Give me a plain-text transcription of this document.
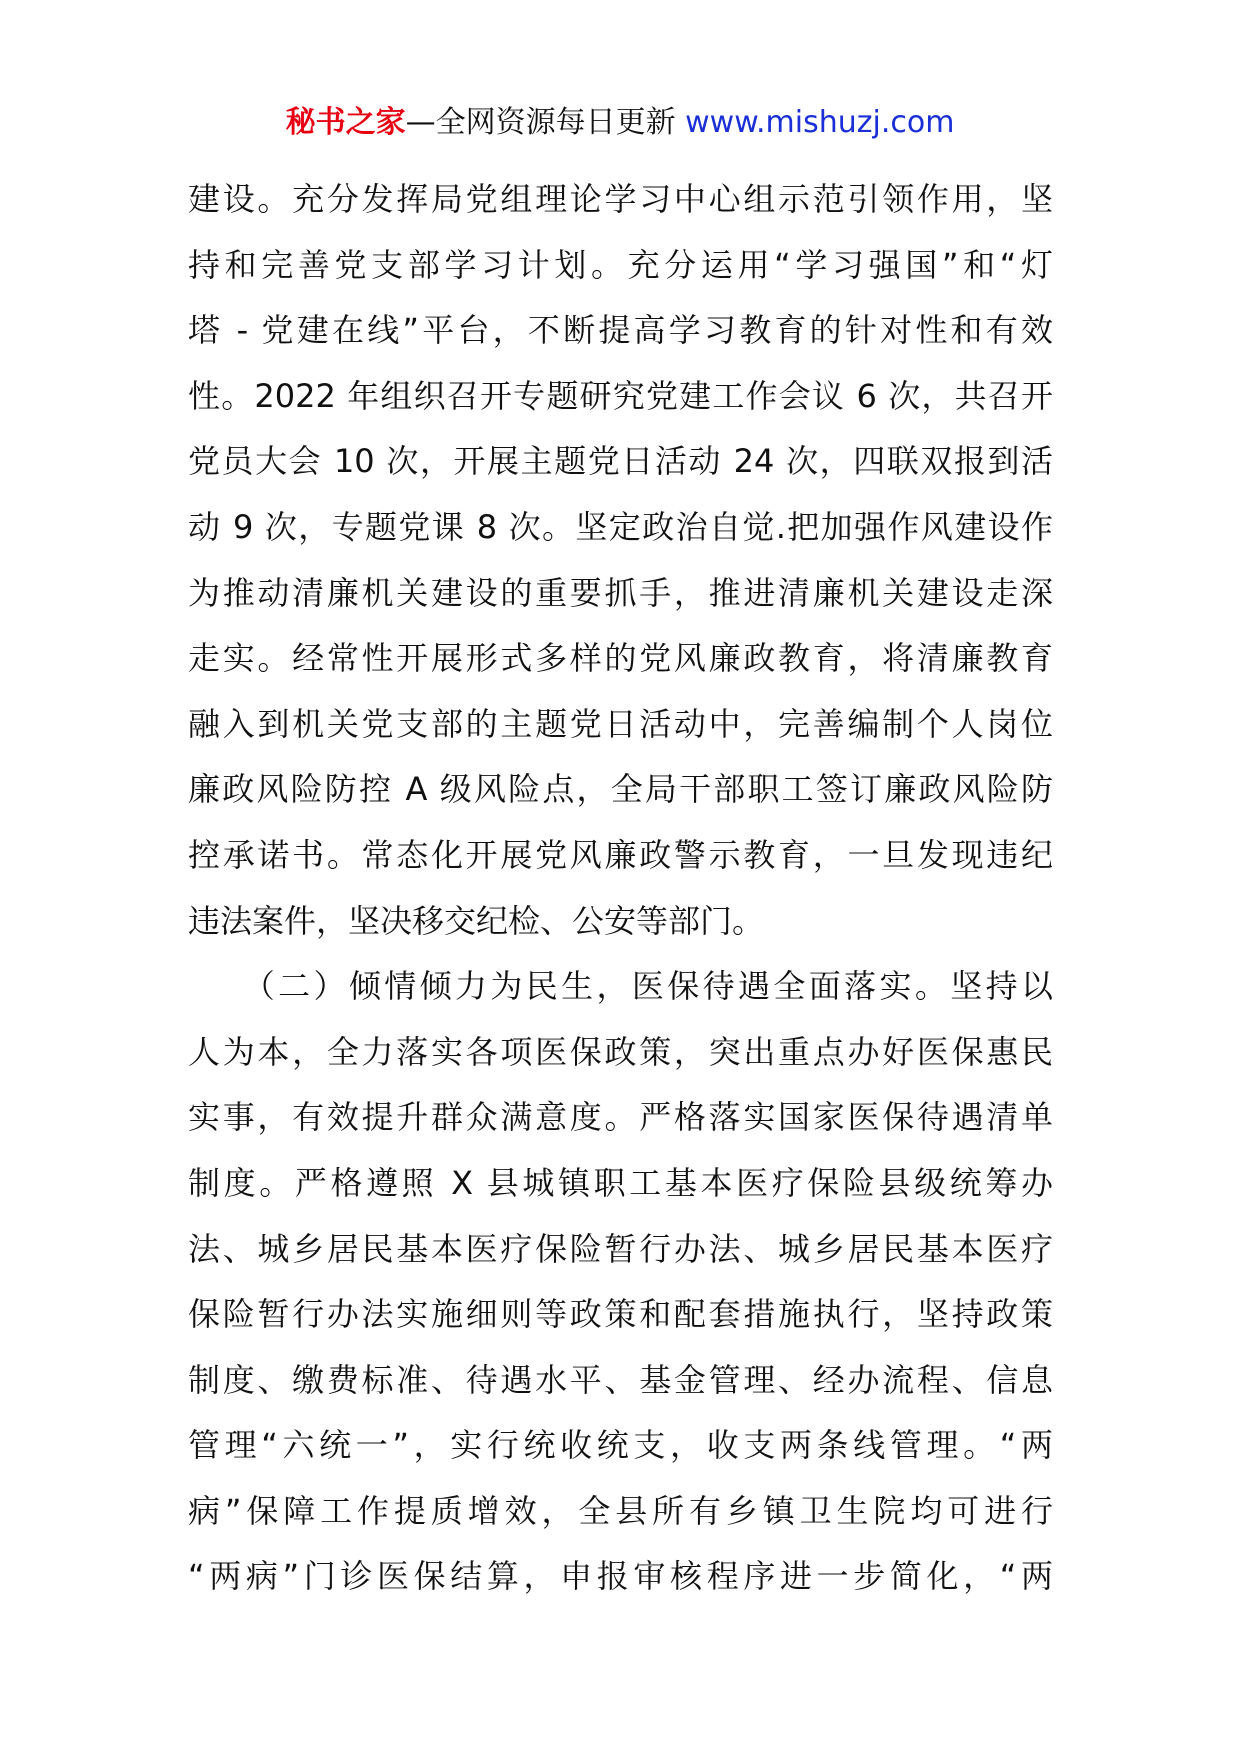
秘书之家—全网资源每日更新 www.mishuzj.com
建设。充分发挥局党组理论学习中心组示范引领作用，坚
持和完善党支部学习计划。充分运用“学习强国”和“灯
塔 - 党建在线”平台，不断提高学习教育的针对性和有效
性。2022 年组织召开专题研究党建工作会议 6 次，共召开
党员大会 10 次，开展主题党日活动 24 次，四联双报到活
动 9 次，专题党课 8 次。坚定政治自觉.把加强作风建设作
为推动清廉机关建设的重要抓手，推进清廉机关建设走深
走实。经常性开展形式多样的党风廉政教育，将清廉教育
融入到机关党支部的主题党日活动中，完善编制个人岗位
廉政风险防控 A 级风险点，全局干部职工签订廉政风险防
控承诺书。常态化开展党风廉政警示教育，一旦发现违纪
违法案件，坚决移交纪检、公安等部门。
　　（二）倾情倾力为民生，医保待遇全面落实。坚持以
人为本，全力落实各项医保政策，突出重点办好医保惠民
实事，有效提升群众满意度。严格落实国家医保待遇清单
制度。严格遵照 X 县城镇职工基本医疗保险县级统筹办
法、城乡居民基本医疗保险暂行办法、城乡居民基本医疗
保险暂行办法实施细则等政策和配套措施执行，坚持政策
制度、缴费标准、待遇水平、基金管理、经办流程、信息
管理“六统一”，实行统收统支，收支两条线管理。“两
病”保障工作提质增效，全县所有乡镇卫生院均可进行
“两病”门诊医保结算，申报审核程序进一步简化，“两
